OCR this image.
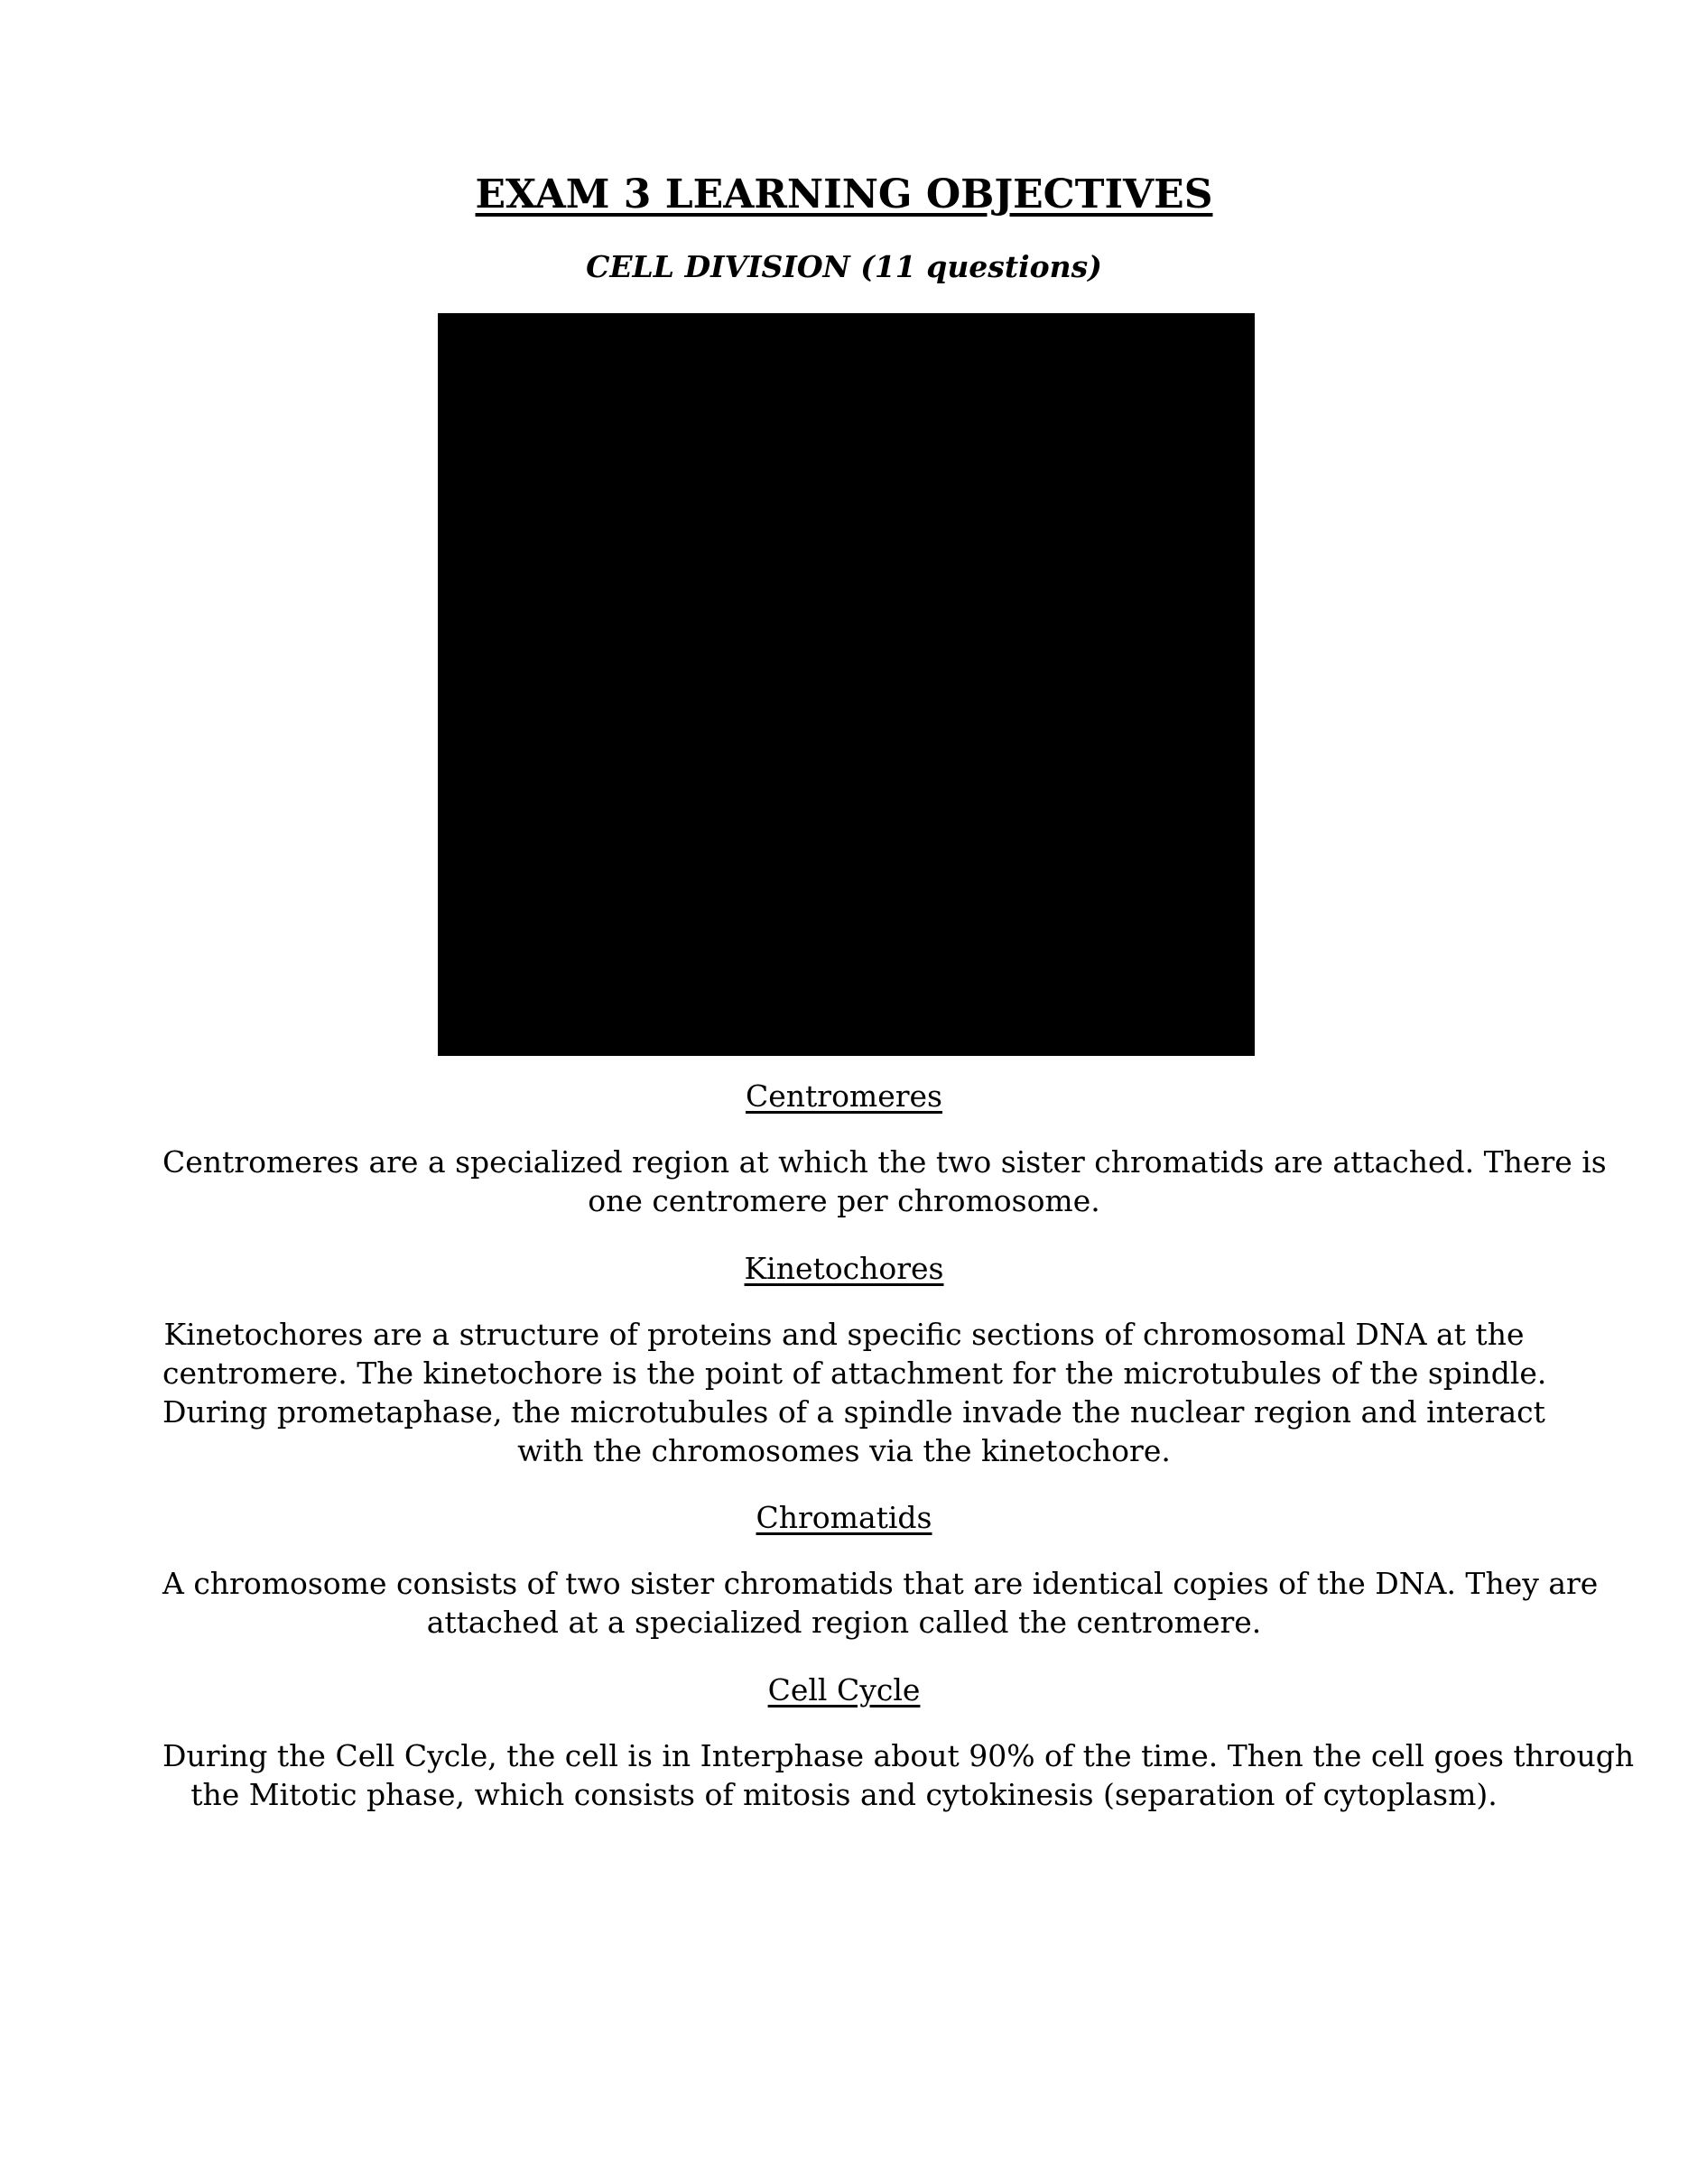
EXAM 3 LEARNING OBJECTIVES
CELL DIVISION (11 questions)
Centromeres
Centromeres are a specialized region at which the two sister chromatids are attached. There is
one centromere per chromosome.
Kinetochores
Kinetochores are a structure of proteins and specific sections of chromosomal DNA at the
centromere. The kinetochore is the point of attachment for the microtubules of the spindle.
During prometaphase, the microtubules of a spindle invade the nuclear region and interact
with the chromosomes via the kinetochore.
Chromatids
A chromosome consists of two sister chromatids that are identical copies of the DNA. They are
attached at a specialized region called the centromere.
Cell Cycle
During the Cell Cycle, the cell is in Interphase about 90% of the time. Then the cell goes through
the Mitotic phase, which consists of mitosis and cytokinesis (separation of cytoplasm).
